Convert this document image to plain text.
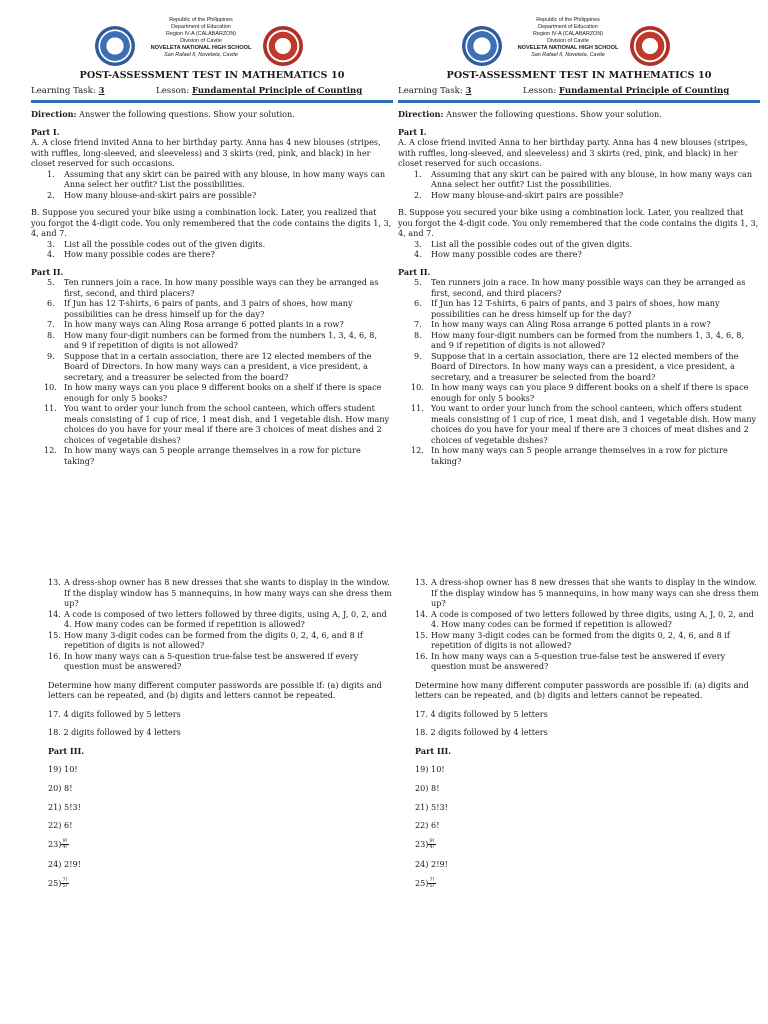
Republic of the Philippines
Department of Education
Region IV-A (CALABARZON)
Division of Cavite
NOVELETA NATIONAL HIGH SCHOOL
San Rafael II, Noveleta, Cavite
POST-ASSESSMENT TEST IN MATHEMATICS 10
Learning Task: 3	Lesson: Fundamental Principle of Counting

Direction: Answer the following questions. Show your solution.

Part I.

A. A close friend invited Anna to her birthday party. Anna has 4 new blouses (stripes, with ruffles, long-sleeved, and sleeveless) and 3 skirts (red, pink, and black) in her closet reserved for such occasions.

1. Assuming that any skirt can be paired with any blouse, in how many ways can Anna select her outfit? List the possibilities.
2. How many blouse-and-skirt pairs are possible?

B. Suppose you secured your bike using a combination lock. Later, you realized that you forgot the 4-digit code. You only remembered that the code contains the digits 1, 3, 4, and 7.

3. List all the possible codes out of the given digits.
4. How many possible codes are there?

Part II.

5. Ten runners join a race. In how many possible ways can they be arranged as first, second, and third placers?
6. If Jun has 12 T-shirts, 6 pairs of pants, and 3 pairs of shoes, how many possibilities can he dress himself up for the day?
7. In how many ways can Aling Rosa arrange 6 potted plants in a row?
8. How many four-digit numbers can be formed from the numbers 1, 3, 4, 6, 8, and 9 if repetition of digits is not allowed?
9. Suppose that in a certain association, there are 12 elected members of the Board of Directors. In how many ways can a president, a vice president, a secretary, and a treasurer be selected from the board?
10. In how many ways can you place 9 different books on a shelf if there is space enough for only 5 books?
11. You want to order your lunch from the school canteen, which offers student meals consisting of 1 cup of rice, 1 meat dish, and 1 vegetable dish. How many choices do you have for your meal if there are 3 choices of meat dishes and 2 choices of vegetable dishes?
12. In how many ways can 5 people arrange themselves in a row for picture taking?
13. A dress-shop owner has 8 new dresses that she wants to display in the window. If the display window has 5 mannequins, in how many ways can she dress them up?
14. A code is composed of two letters followed by three digits, using A, J, 0, 2, and 4. How many codes can be formed if repetition is allowed?
15. How many 3-digit codes can be formed from the digits 0, 2, 4, 6, and 8 if repetition of digits is not allowed?
16. In how many ways can a 5-question true-false test be answered if every question must be answered?

Determine how many different computer passwords are possible if: (a) digits and letters can be repeated, and (b) digits and letters cannot be repeated.

17. 4 digits followed by 5 letters

18. 2 digits followed by 4 letters

Part III.

19) 10!

20) 8!

21) 5!3!

22) 6!

$23) \frac{9!}{4!}$

24) 2!9!

$25) \frac{7!}{5!}$

Republic of the Philippines
Department of Education
Region IV-A (CALABARZON)
Division of Cavite
NOVELETA NATIONAL HIGH SCHOOL
San Rafael II, Noveleta, Cavite
POST-ASSESSMENT TEST IN MATHEMATICS 10
Learning Task: 3	Lesson: Fundamental Principle of Counting

Direction: Answer the following questions. Show your solution.

Part I.

A. A close friend invited Anna to her birthday party. Anna has 4 new blouses (stripes, with ruffles, long-sleeved, and sleeveless) and 3 skirts (red, pink, and black) in her closet reserved for such occasions.

1. Assuming that any skirt can be paired with any blouse, in how many ways can Anna select her outfit? List the possibilities.
2. How many blouse-and-skirt pairs are possible?

B. Suppose you secured your bike using a combination lock. Later, you realized that you forgot the 4-digit code. You only remembered that the code contains the digits 1, 3, 4, and 7.

3. List all the possible codes out of the given digits.
4. How many possible codes are there?

Part II.

5. Ten runners join a race. In how many possible ways can they be arranged as first, second, and third placers?
6. If Jun has 12 T-shirts, 6 pairs of pants, and 3 pairs of shoes, how many possibilities can he dress himself up for the day?
7. In how many ways can Aling Rosa arrange 6 potted plants in a row?
8. How many four-digit numbers can be formed from the numbers 1, 3, 4, 6, 8, and 9 if repetition of digits is not allowed?
9. Suppose that in a certain association, there are 12 elected members of the Board of Directors. In how many ways can a president, a vice president, a secretary, and a treasurer be selected from the board?
10. In how many ways can you place 9 different books on a shelf if there is space enough for only 5 books?
11. You want to order your lunch from the school canteen, which offers student meals consisting of 1 cup of rice, 1 meat dish, and 1 vegetable dish. How many choices do you have for your meal if there are 3 choices of meat dishes and 2 choices of vegetable dishes?
12. In how many ways can 5 people arrange themselves in a row for picture taking?
13. A dress-shop owner has 8 new dresses that she wants to display in the window. If the display window has 5 mannequins, in how many ways can she dress them up?
14. A code is composed of two letters followed by three digits, using A, J, 0, 2, and 4. How many codes can be formed if repetition is allowed?
15. How many 3-digit codes can be formed from the digits 0, 2, 4, 6, and 8 if repetition of digits is not allowed?
16. In how many ways can a 5-question true-false test be answered if every question must be answered?

Determine how many different computer passwords are possible if: (a) digits and letters can be repeated, and (b) digits and letters cannot be repeated.

17. 4 digits followed by 5 letters

18. 2 digits followed by 4 letters

Part III.

19) 10!

20) 8!

21) 5!3!

22) 6!

$23) \frac{9!}{4!}$

24) 2!9!

$25) \frac{7!}{5!}$
